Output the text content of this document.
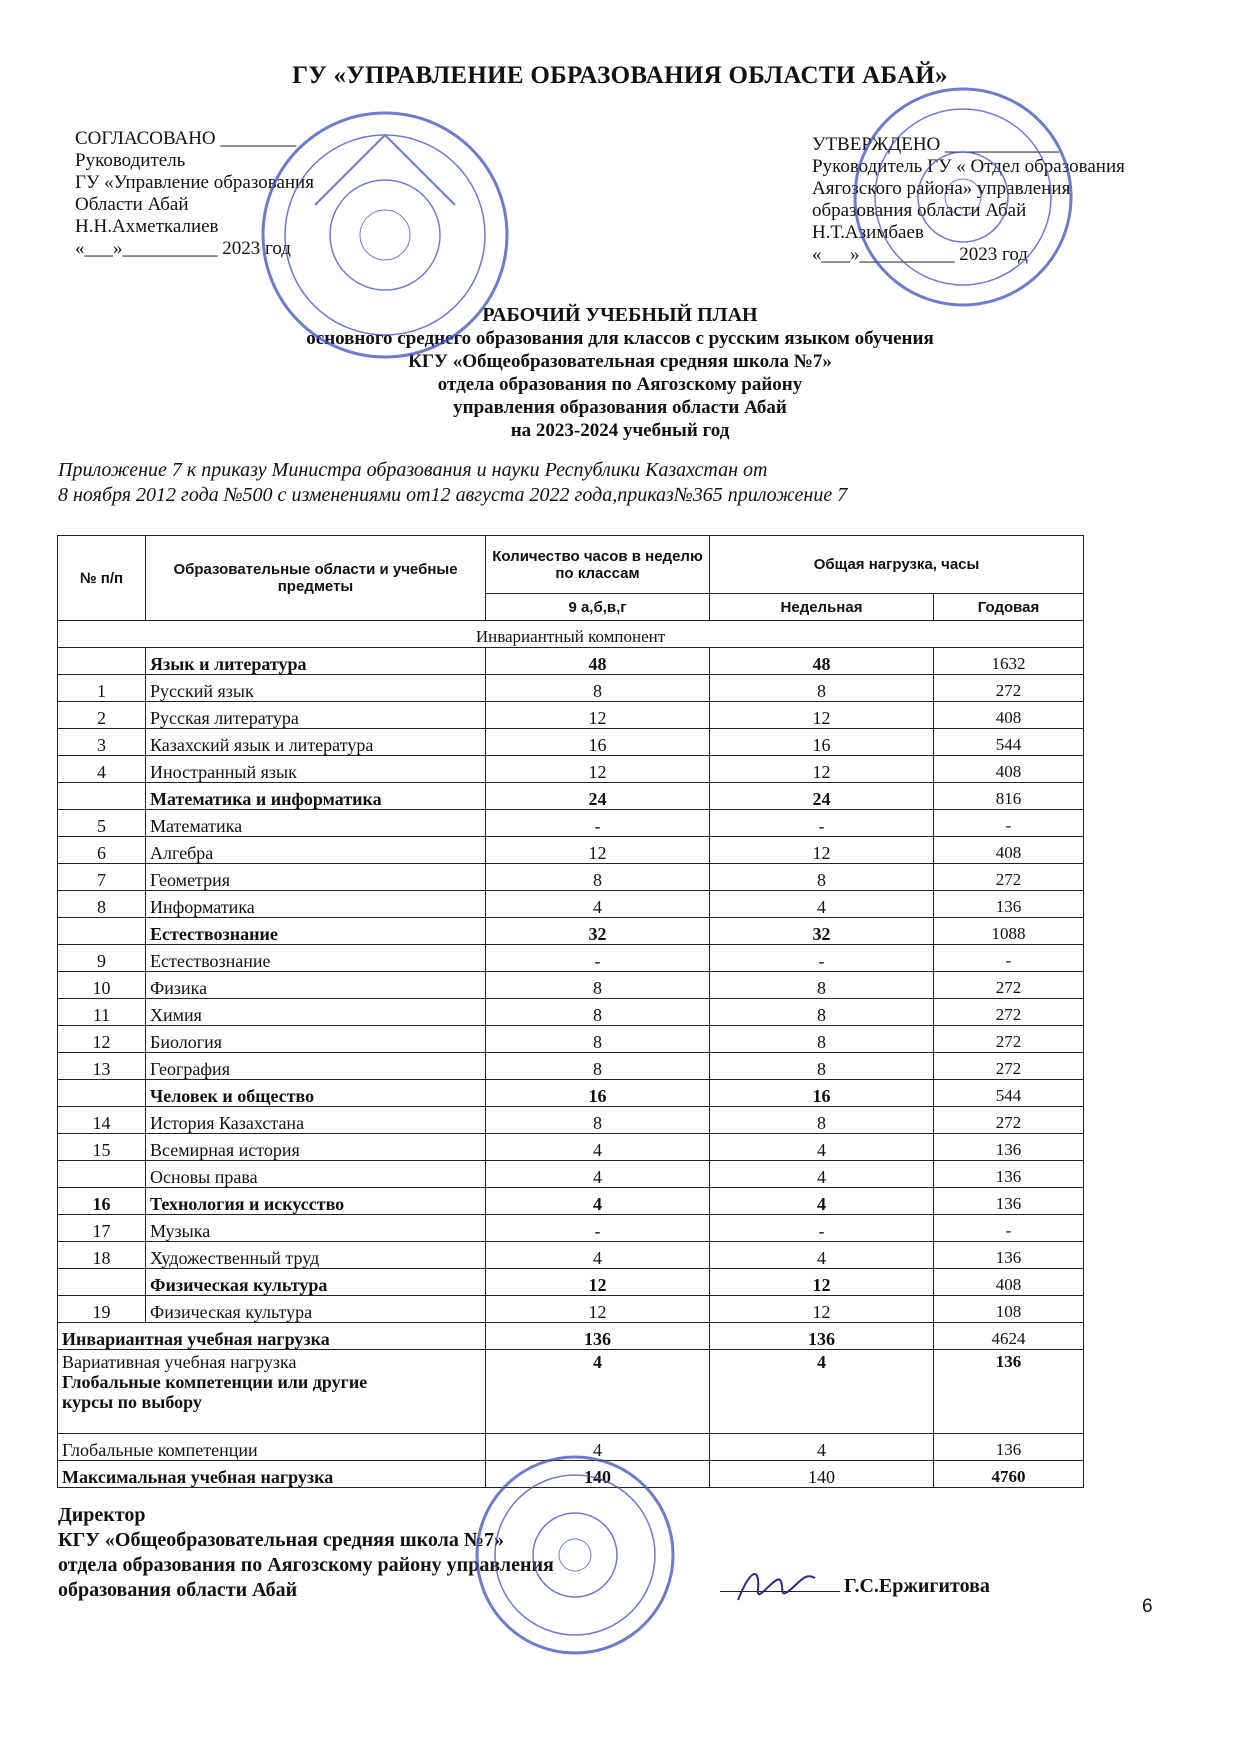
ГУ «УПРАВЛЕНИЕ ОБРАЗОВАНИЯ ОБЛАСТИ АБАЙ»
СОГЛАСОВАНО ________
Руководитель
ГУ «Управление образования
Области Абай
Н.Н.Ахметкалиев
«___»__________ 2023 год
УТВЕРЖДЕНО ____________
Руководитель ГУ « Отдел образования
Аягозского района» управления
образования области Абай
Н.Т.Азимбаев
«___»__________ 2023 год
РАБОЧИЙ УЧЕБНЫЙ ПЛАН
основного среднего образования для классов с русским языком обучения
КГУ «Общеобразовательная средняя школа №7»
отдела образования по Аягозскому району
управления образования области Абай
на 2023-2024 учебный год
Приложение 7 к приказу Министра образования и науки Республики Казахстан от
8 ноября 2012 года №500 с изменениями от12 августа 2022 года,приказ№365 приложение 7
№ п/п	Образовательные области и учебные предметы	Количество часов в неделю по классам	Общая нагрузка, часы	
		9 а,б,в,г	Недельная	Годовая
Инвариантный компонент				
	Язык и литература	48	48	1632
1	Русский язык	8	8	272
2	Русская литература	12	12	408
3	Казахский язык и литература	16	16	544
4	Иностранный язык	12	12	408
	Математика и информатика	24	24	816
5	Математика	-	-	-
6	Алгебра	12	12	408
7	Геометрия	8	8	272
8	Информатика	4	4	136
	Естествознание	32	32	1088
9	Естествознание	-	-	-
10	Физика	8	8	272
11	Химия	8	8	272
12	Биология	8	8	272
13	География	8	8	272
	Человек и общество	16	16	544
14	История Казахстана	8	8	272
15	Всемирная история	4	4	136
	Основы права	4	4	136
16	Технология и искусство	4	4	136
17	Музыка	-	-	-
18	Художественный труд	4	4	136
	Физическая культура	12	12	408
19	Физическая культура	12	12	108
Инвариантная учебная нагрузка		136	136	4624

Вариативная учебная нагрузка
Глобальные компетенции или другие курсы по выбору		4	4	136
Глобальные компетенции		4	4	136
Максимальная учебная нагрузка		140	140	4760
Директор
КГУ «Общеобразовательная средняя школа №7»
отдела образования по Аягозскому району управления
образования области Абай	Г.С.Ержигитова
6
